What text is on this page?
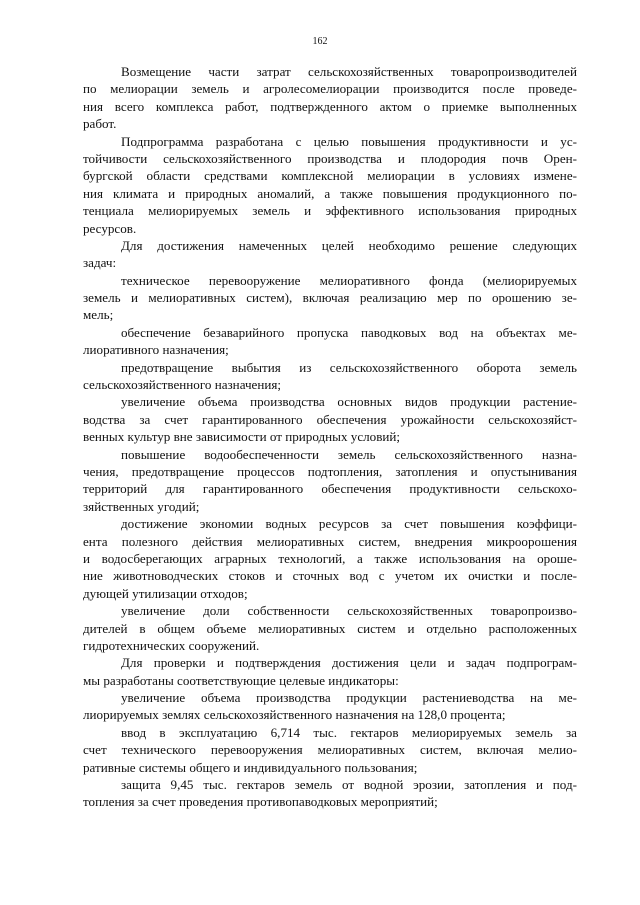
162
Возмещение части затрат сельскохозяйственных товаропроизводителей
по мелиорации земель и агролесомелиорации производится после проведе-
ния всего комплекса работ, подтвержденного актом о приемке выполненных
работ.
Подпрограмма разработана с целью повышения продуктивности и ус-
тойчивости сельскохозяйственного производства и плодородия почв Орен-
бургской области средствами комплексной мелиорации в условиях измене-
ния климата и природных аномалий, а также повышения продукционного по-
тенциала мелиорируемых земель и эффективного использования природных
ресурсов.
Для достижения намеченных целей необходимо решение следующих
задач:
техническое перевооружение мелиоративного фонда (мелиорируемых
земель и мелиоративных систем), включая реализацию мер по орошению зе-
мель;
обеспечение безаварийного пропуска паводковых вод на объектах ме-
лиоративного назначения;
предотвращение выбытия из сельскохозяйственного оборота земель
сельскохозяйственного назначения;
увеличение объема производства основных видов продукции растение-
водства за счет гарантированного обеспечения урожайности сельскохозяйст-
венных культур вне зависимости от природных условий;
повышение водообеспеченности земель сельскохозяйственного назна-
чения, предотвращение процессов подтопления, затопления и опустынивания
территорий для гарантированного обеспечения продуктивности сельскохо-
зяйственных угодий;
достижение экономии водных ресурсов за счет повышения коэффици-
ента полезного действия мелиоративных систем, внедрения микроорошения
и водосберегающих аграрных технологий, а также использования на ороше-
ние животноводческих стоков и сточных вод с учетом их очистки и после-
дующей утилизации отходов;
увеличение доли собственности сельскохозяйственных товаропроизво-
дителей в общем объеме мелиоративных систем и отдельно расположенных
гидротехнических сооружений.
Для проверки и подтверждения достижения цели и задач подпрограм-
мы разработаны соответствующие целевые индикаторы:
увеличение объема производства продукции растениеводства на ме-
лиорируемых землях сельскохозяйственного назначения на 128,0 процента;
ввод в эксплуатацию 6,714 тыс. гектаров мелиорируемых земель за
счет технического перевооружения мелиоративных систем, включая мелио-
ративные системы общего и индивидуального пользования;
защита 9,45 тыс. гектаров земель от водной эрозии, затопления и под-
топления за счет проведения противопаводковых мероприятий;
